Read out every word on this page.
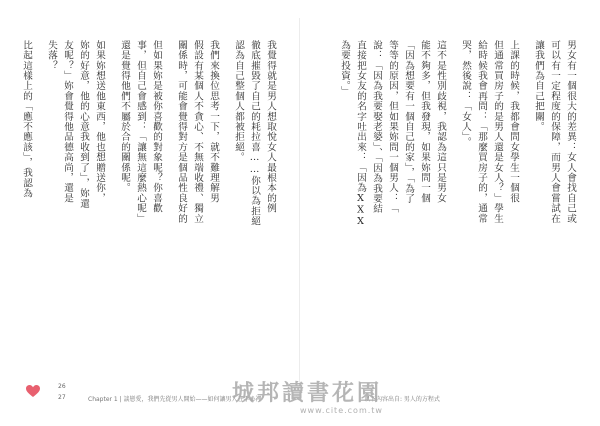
男女有一個很大的差異：女人會找自己或
可以有一定程度的保障，而男人會嘗試在
讓我們為自己把關。
上課的時候，我都會問女學生一個很
但通常買房子的是男人還是女人？」學生
給時候我會再問：「那麼買房子的，通常
哭，然後說：「女人」。
這不是性別歧視，我認為這只是男女
能不夠多，但我發現，如果妳問一個
「因為想要有一個自己的家」，「為了
等等的原因，但如果妳問一個男人：「
說：「因為我要娶老婆」、「因為我要結
直接把女友的名字吐出來：「因為XXX
為要投資。」
我覺得就是男人想取悅女人最根本的例
徹底摧毀了自己的耗拉喜……你以為拒絕
認為自己整個人都被拒絕。
我們來換位思考一下，就不難理解男
假設有某個人不貪心、不無端收禮、獨立
關係時，可能會覺得對方是個品性良好的
但如果妳是被你喜歡的對象呢？你喜歡
事，但自己會感到：「讓無這麼熱心呢」
還是覺得他們不屬於合的關係呢。
如果妳想送他東西，他也想贈送你，
妳的好意，他的心意我收到了」，妳還
友呢？」妳會覺得他品德高尚，還是
失落？
比起這樣上的「應不應該」，我認為
26
27	Chapter 1 | 談戀愛，我們先從男人開始——如何讓男人在手心裡	以下內容出自: 男人的方程式
城邦讀書花園
www.cite.com.tw
